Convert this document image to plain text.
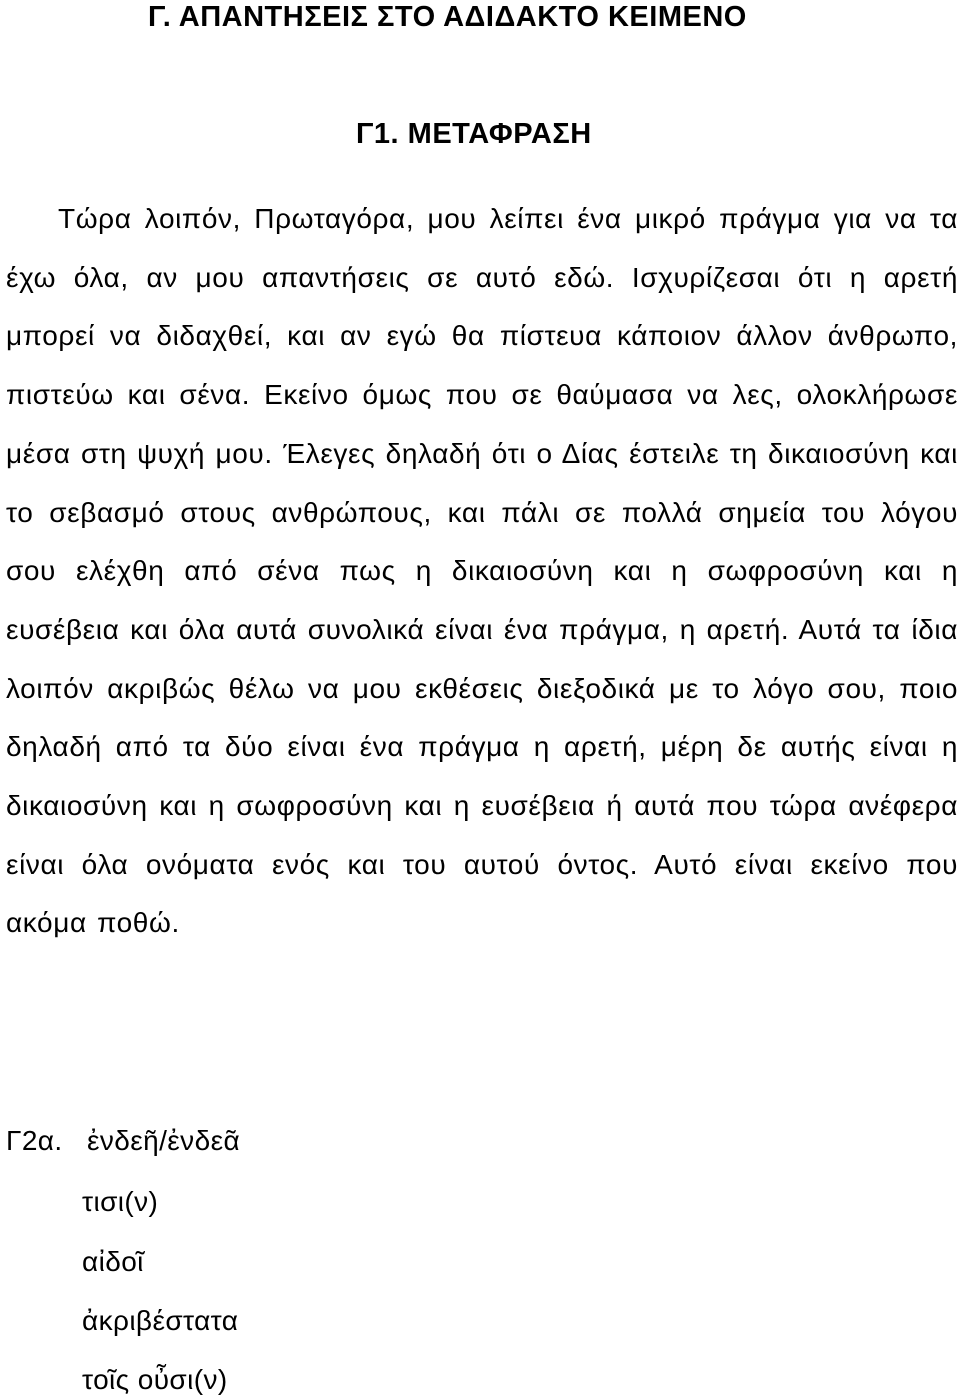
Γ. ΑΠΑΝΤΗΣΕΙΣ ΣΤΟ ΑΔΙΔΑΚΤΟ ΚΕΙΜΕΝΟ
Γ1. ΜΕΤΑΦΡΑΣΗ

Τώρα λοιπόν, Πρωταγόρα, μου λείπει ένα μικρό πράγμα για να τα έχω όλα, αν μου απαντήσεις σε αυτό εδώ. Ισχυρίζεσαι ότι η αρετή μπορεί να διδαχθεί, και αν εγώ θα πίστευα κάποιον άλλον άνθρωπο, πιστεύω και σένα. Εκείνο όμως που σε θαύμασα να λες, ολοκλήρωσε μέσα στη ψυχή μου. Έλεγες δηλαδή ότι ο Δίας έστειλε τη δικαιοσύνη και το σεβασμό στους ανθρώπους, και πάλι σε πολλά σημεία του λόγου σου ελέχθη από σένα πως η δικαιοσύνη και η σωφροσύνη και η ευσέβεια και όλα αυτά συνολικά είναι ένα πράγμα, η αρετή. Αυτά τα ίδια λοιπόν ακριβώς θέλω να μου εκθέσεις διεξοδικά με το λόγο σου, ποιο δηλαδή από τα δύο είναι ένα πράγμα η αρετή, μέρη δε αυτής είναι η δικαιοσύνη και η σωφροσύνη και η ευσέβεια ή αυτά που τώρα ανέφερα είναι όλα ονόματα ενός και του αυτού όντος. Αυτό είναι εκείνο που ακόμα ποθώ.

Γ2α. ἐνδεῆ/ἐνδεᾶ
τισι(ν)
αἰδοῖ
ἀκριβέστατα
τοῖς οὖσι(ν)
